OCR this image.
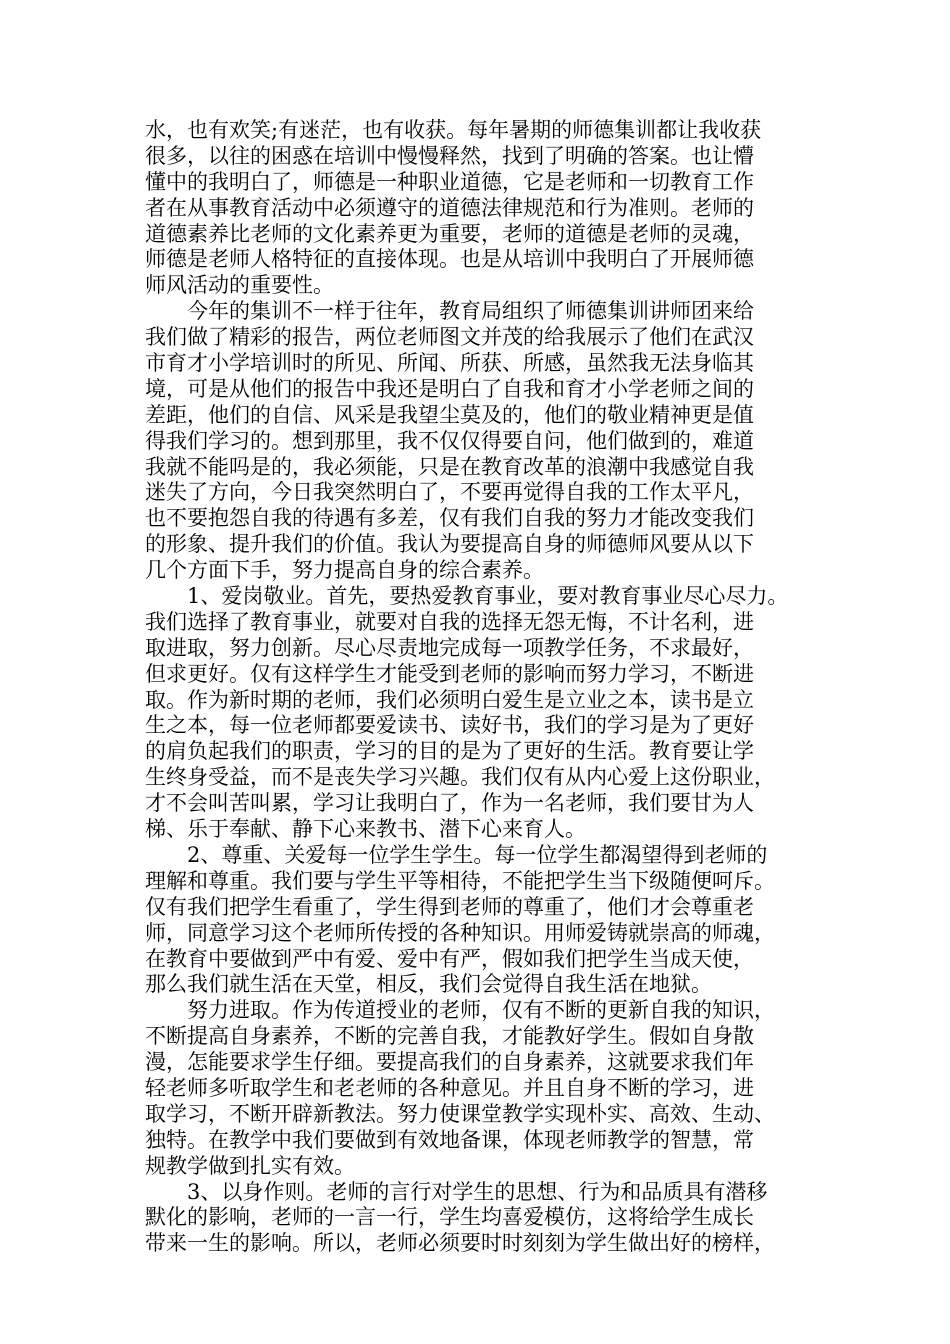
水，也有欢笑;有迷茫，也有收获。每年暑期的师德集训都让我收获
很多，以往的困惑在培训中慢慢释然，找到了明确的答案。也让懵
懂中的我明白了，师德是一种职业道德，它是老师和一切教育工作
者在从事教育活动中必须遵守的道德法律规范和行为准则。老师的
道德素养比老师的文化素养更为重要，老师的道德是老师的灵魂，
师德是老师人格特征的直接体现。也是从培训中我明白了开展师德
师风活动的重要性。
今年的集训不一样于往年，教育局组织了师德集训讲师团来给
我们做了精彩的报告，两位老师图文并茂的给我展示了他们在武汉
市育才小学培训时的所见、所闻、所获、所感，虽然我无法身临其
境，可是从他们的报告中我还是明白了自我和育才小学老师之间的
差距，他们的自信、风采是我望尘莫及的，他们的敬业精神更是值
得我们学习的。想到那里，我不仅仅得要自问，他们做到的，难道
我就不能吗是的，我必须能，只是在教育改革的浪潮中我感觉自我
迷失了方向，今日我突然明白了，不要再觉得自我的工作太平凡，
也不要抱怨自我的待遇有多差，仅有我们自我的努力才能改变我们
的形象、提升我们的价值。我认为要提高自身的师德师风要从以下
几个方面下手，努力提高自身的综合素养。
1、爱岗敬业。首先，要热爱教育事业，要对教育事业尽心尽力。
我们选择了教育事业，就要对自我的选择无怨无悔，不计名利，进
取进取，努力创新。尽心尽责地完成每一项教学任务，不求最好，
但求更好。仅有这样学生才能受到老师的影响而努力学习，不断进
取。作为新时期的老师，我们必须明白爱生是立业之本，读书是立
生之本，每一位老师都要爱读书、读好书，我们的学习是为了更好
的肩负起我们的职责，学习的目的是为了更好的生活。教育要让学
生终身受益，而不是丧失学习兴趣。我们仅有从内心爱上这份职业，
才不会叫苦叫累，学习让我明白了，作为一名老师，我们要甘为人
梯、乐于奉献、静下心来教书、潜下心来育人。
2、尊重、关爱每一位学生学生。每一位学生都渴望得到老师的
理解和尊重。我们要与学生平等相待，不能把学生当下级随便呵斥。
仅有我们把学生看重了，学生得到老师的尊重了，他们才会尊重老
师，同意学习这个老师所传授的各种知识。用师爱铸就崇高的师魂，
在教育中要做到严中有爱、爱中有严，假如我们把学生当成天使，
那么我们就生活在天堂，相反，我们会觉得自我生活在地狱。
努力进取。作为传道授业的老师，仅有不断的更新自我的知识，
不断提高自身素养，不断的完善自我，才能教好学生。假如自身散
漫，怎能要求学生仔细。要提高我们的自身素养，这就要求我们年
轻老师多听取学生和老老师的各种意见。并且自身不断的学习，进
取学习，不断开辟新教法。努力使课堂教学实现朴实、高效、生动、
独特。在教学中我们要做到有效地备课，体现老师教学的智慧，常
规教学做到扎实有效。
3、以身作则。老师的言行对学生的思想、行为和品质具有潜移
默化的影响，老师的一言一行，学生均喜爱模仿，这将给学生成长
带来一生的影响。所以，老师必须要时时刻刻为学生做出好的榜样，
